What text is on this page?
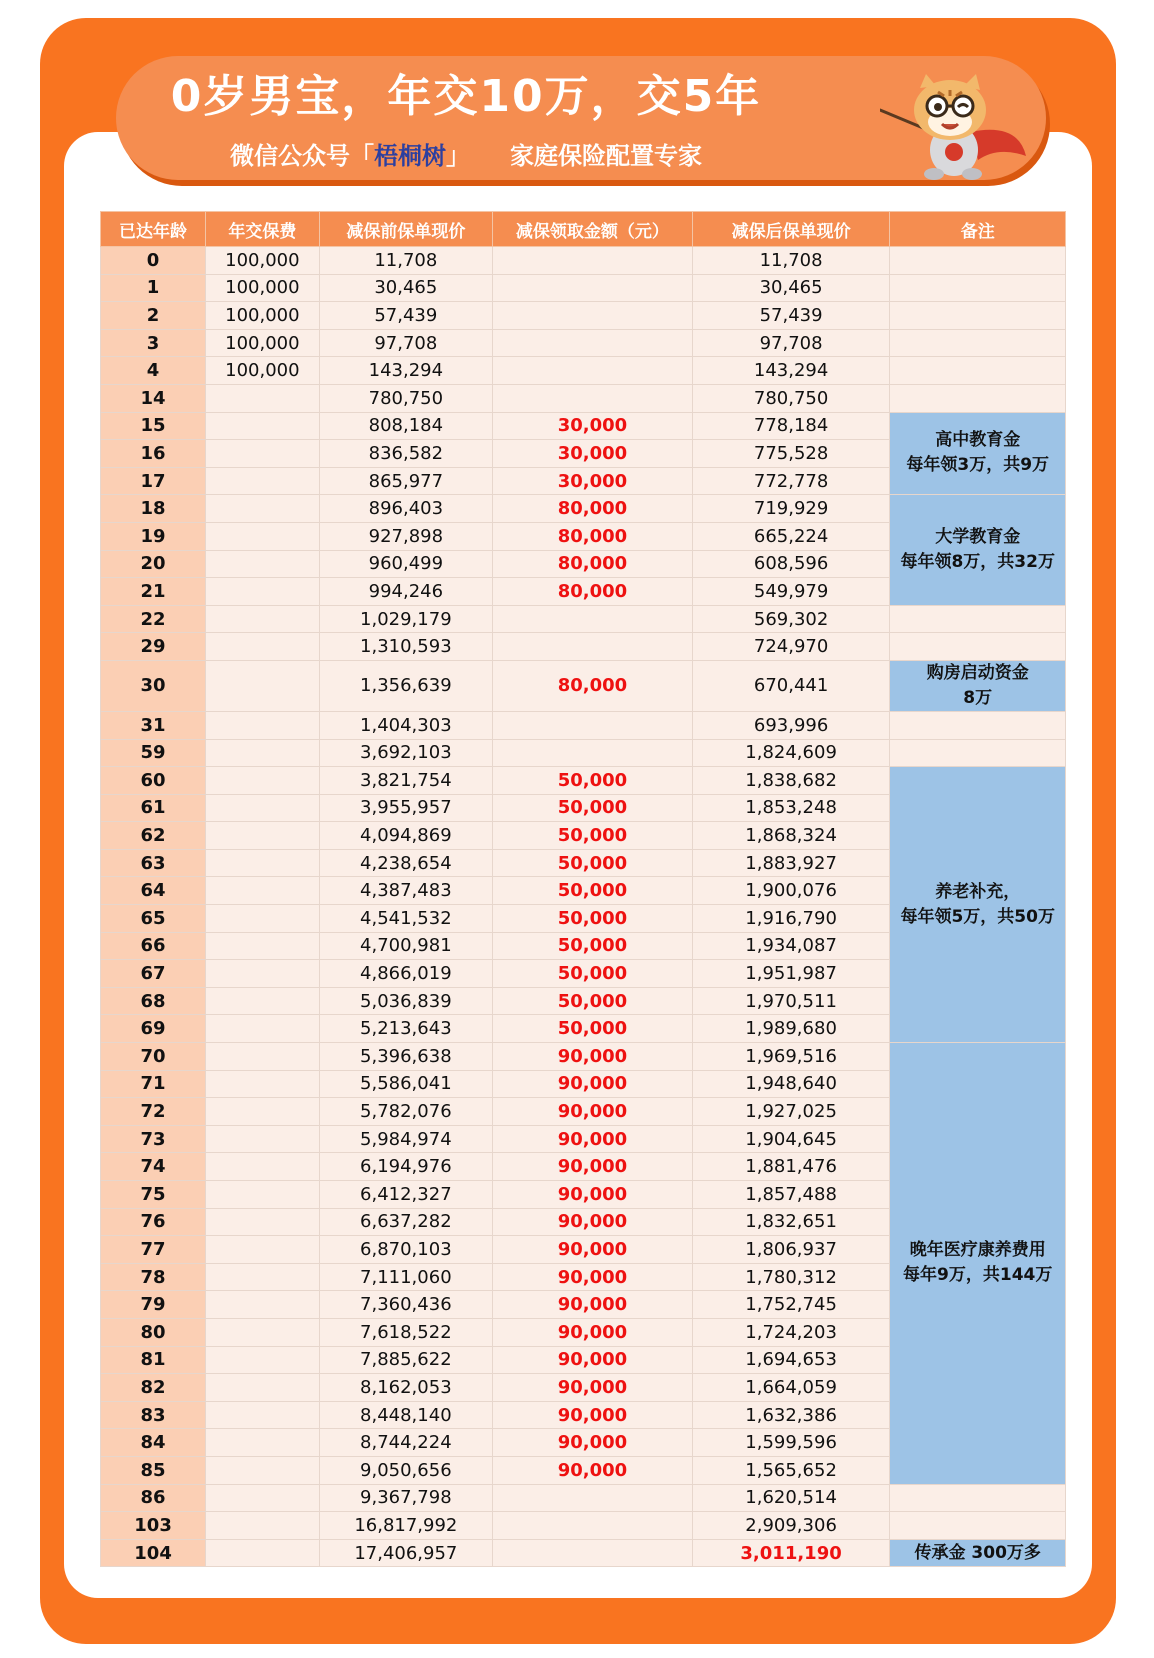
0岁男宝，年交10万，交5年
微信公众号「梧桐树」 家庭保险配置专家
已达年龄	年交保费	减保前保单现价	减保领取金额（元）	减保后保单现价	备注
0	100,000	11,708		11,708	
1	100,000	30,465		30,465	
2	100,000	57,439		57,439	
3	100,000	97,708		97,708	
4	100,000	143,294		143,294	
14		780,750		780,750	
15		808,184	30,000	778,184	高中教育金
每年领3万，共9万

16		836,582	30,000	775,528	
17		865,977	30,000	772,778	
18		896,403	80,000	719,929	大学教育金
每年领8万，共32万

19		927,898	80,000	665,224	
20		960,499	80,000	608,596	
21		994,246	80,000	549,979	
22		1,029,179		569,302	
29		1,310,593		724,970	
30		1,356,639	80,000	670,441	购房启动资金
8万

31		1,404,303		693,996	
59		3,692,103		1,824,609	
60		3,821,754	50,000	1,838,682	养老补充，
每年领5万，共50万

61		3,955,957	50,000	1,853,248	
62		4,094,869	50,000	1,868,324	
63		4,238,654	50,000	1,883,927	
64		4,387,483	50,000	1,900,076	
65		4,541,532	50,000	1,916,790	
66		4,700,981	50,000	1,934,087	
67		4,866,019	50,000	1,951,987	
68		5,036,839	50,000	1,970,511	
69		5,213,643	50,000	1,989,680	
70		5,396,638	90,000	1,969,516	晚年医疗康养费用
每年9万，共144万

71		5,586,041	90,000	1,948,640	
72		5,782,076	90,000	1,927,025	
73		5,984,974	90,000	1,904,645	
74		6,194,976	90,000	1,881,476	
75		6,412,327	90,000	1,857,488	
76		6,637,282	90,000	1,832,651	
77		6,870,103	90,000	1,806,937	
78		7,111,060	90,000	1,780,312	
79		7,360,436	90,000	1,752,745	
80		7,618,522	90,000	1,724,203	
81		7,885,622	90,000	1,694,653	
82		8,162,053	90,000	1,664,059	
83		8,448,140	90,000	1,632,386	
84		8,744,224	90,000	1,599,596	
85		9,050,656	90,000	1,565,652	
86		9,367,798		1,620,514	
103		16,817,992		2,909,306	
104		17,406,957		3,011,190	传承金 300万多
